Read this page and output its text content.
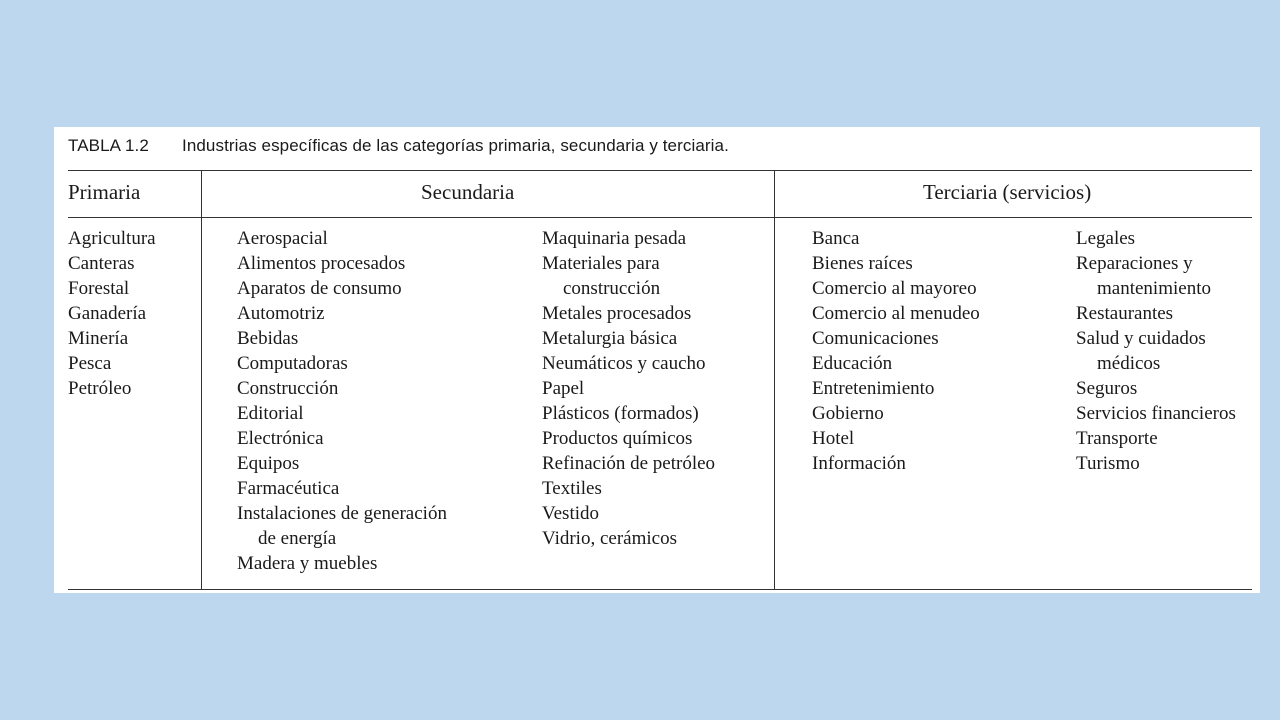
TABLA 1.2 Industrias específicas de las categorías primaria, secundaria y terciaria.
Primaria	Secundaria	Terciaria (servicios)
Agricultura
Canteras
Forestal
Ganadería
Minería
Pesca
Petróleo
Aerospacial
Alimentos procesados
Aparatos de consumo
Automotriz
Bebidas
Computadoras
Construcción
Editorial
Electrónica
Equipos
Farmacéutica
Instalaciones de generación
de energía
Madera y muebles
Maquinaria pesada
Materiales para
construcción
Metales procesados
Metalurgia básica
Neumáticos y caucho
Papel
Plásticos (formados)
Productos químicos
Refinación de petróleo
Textiles
Vestido
Vidrio, cerámicos
Banca
Bienes raíces
Comercio al mayoreo
Comercio al menudeo
Comunicaciones
Educación
Entretenimiento
Gobierno
Hotel
Información
Legales
Reparaciones y
mantenimiento
Restaurantes
Salud y cuidados
médicos
Seguros
Servicios financieros
Transporte
Turismo
